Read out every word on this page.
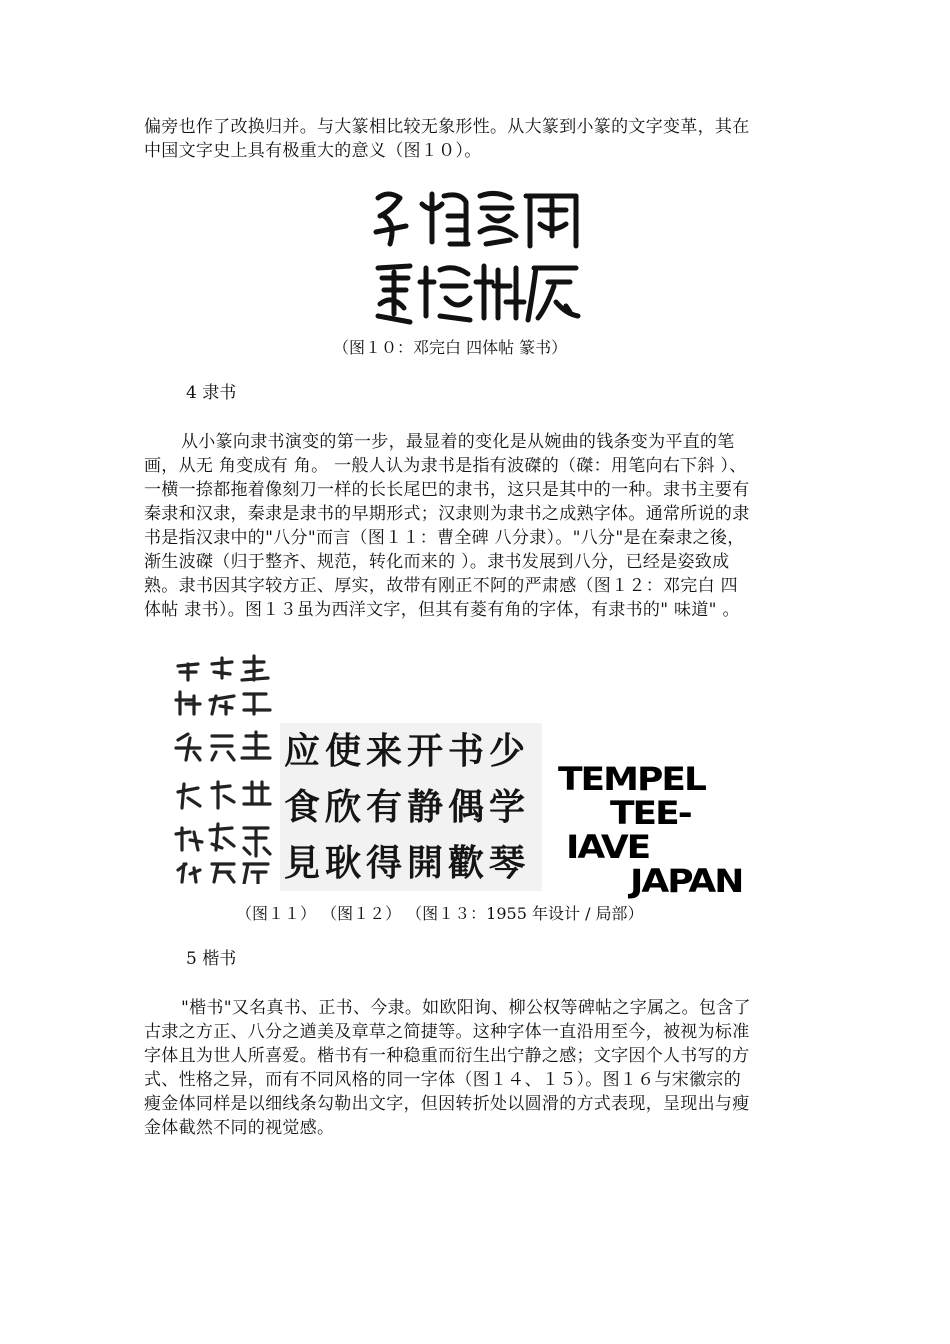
偏旁也作了改换归并。与大篆相比较无象形性。从大篆到小篆的文字变革，其在
中国文字史上具有极重大的意义（图１０）。

（图１０：邓完白 四体帖 篆书）

4 隶书

从小篆向隶书演变的第一步，最显着的变化是从婉曲的钱条变为平直的笔
画，从无 角变成有 角。 一般人认为隶书是指有波磔的（磔：用笔向右下斜 ）、
一横一捺都拖着像刻刀一样的长长尾巴的隶书，这只是其中的一种。隶书主要有
秦隶和汉隶，秦隶是隶书的早期形式；汉隶则为隶书之成熟字体。通常所说的隶
书是指汉隶中的"八分"而言（图１１：曹全碑 八分隶）。"八分"是在秦隶之後，
渐生波磔（归于整齐、规范，转化而来的 ）。隶书发展到八分，已经是姿致成
熟。隶书因其字较方正、厚实，故带有刚正不阿的严肃感（图１２：邓完白 四
体帖 隶书）。图１３虽为西洋文字，但其有菱有角的字体，有隶书的" 味道" 。
应使来开书少
食欣有静偶学
見耿得開歡琴
TEMPEL
TEE-
IAVE
JAPAN

（图１１） （图１２） （图１３：1955 年设计 / 局部）

5 楷书

"楷书"又名真书、正书、今隶。如欧阳询、柳公权等碑帖之字属之。包含了
古隶之方正、八分之遒美及章草之简捷等。这种字体一直沿用至今，被视为标准
字体且为世人所喜爱。楷书有一种稳重而衍生出宁静之感；文字因个人书写的方
式、性格之异，而有不同风格的同一字体（图１４、１５）。图１６与宋徽宗的
瘦金体同样是以细线条勾勒出文字，但因转折处以圆滑的方式表现，呈现出与瘦
金体截然不同的视觉感。
